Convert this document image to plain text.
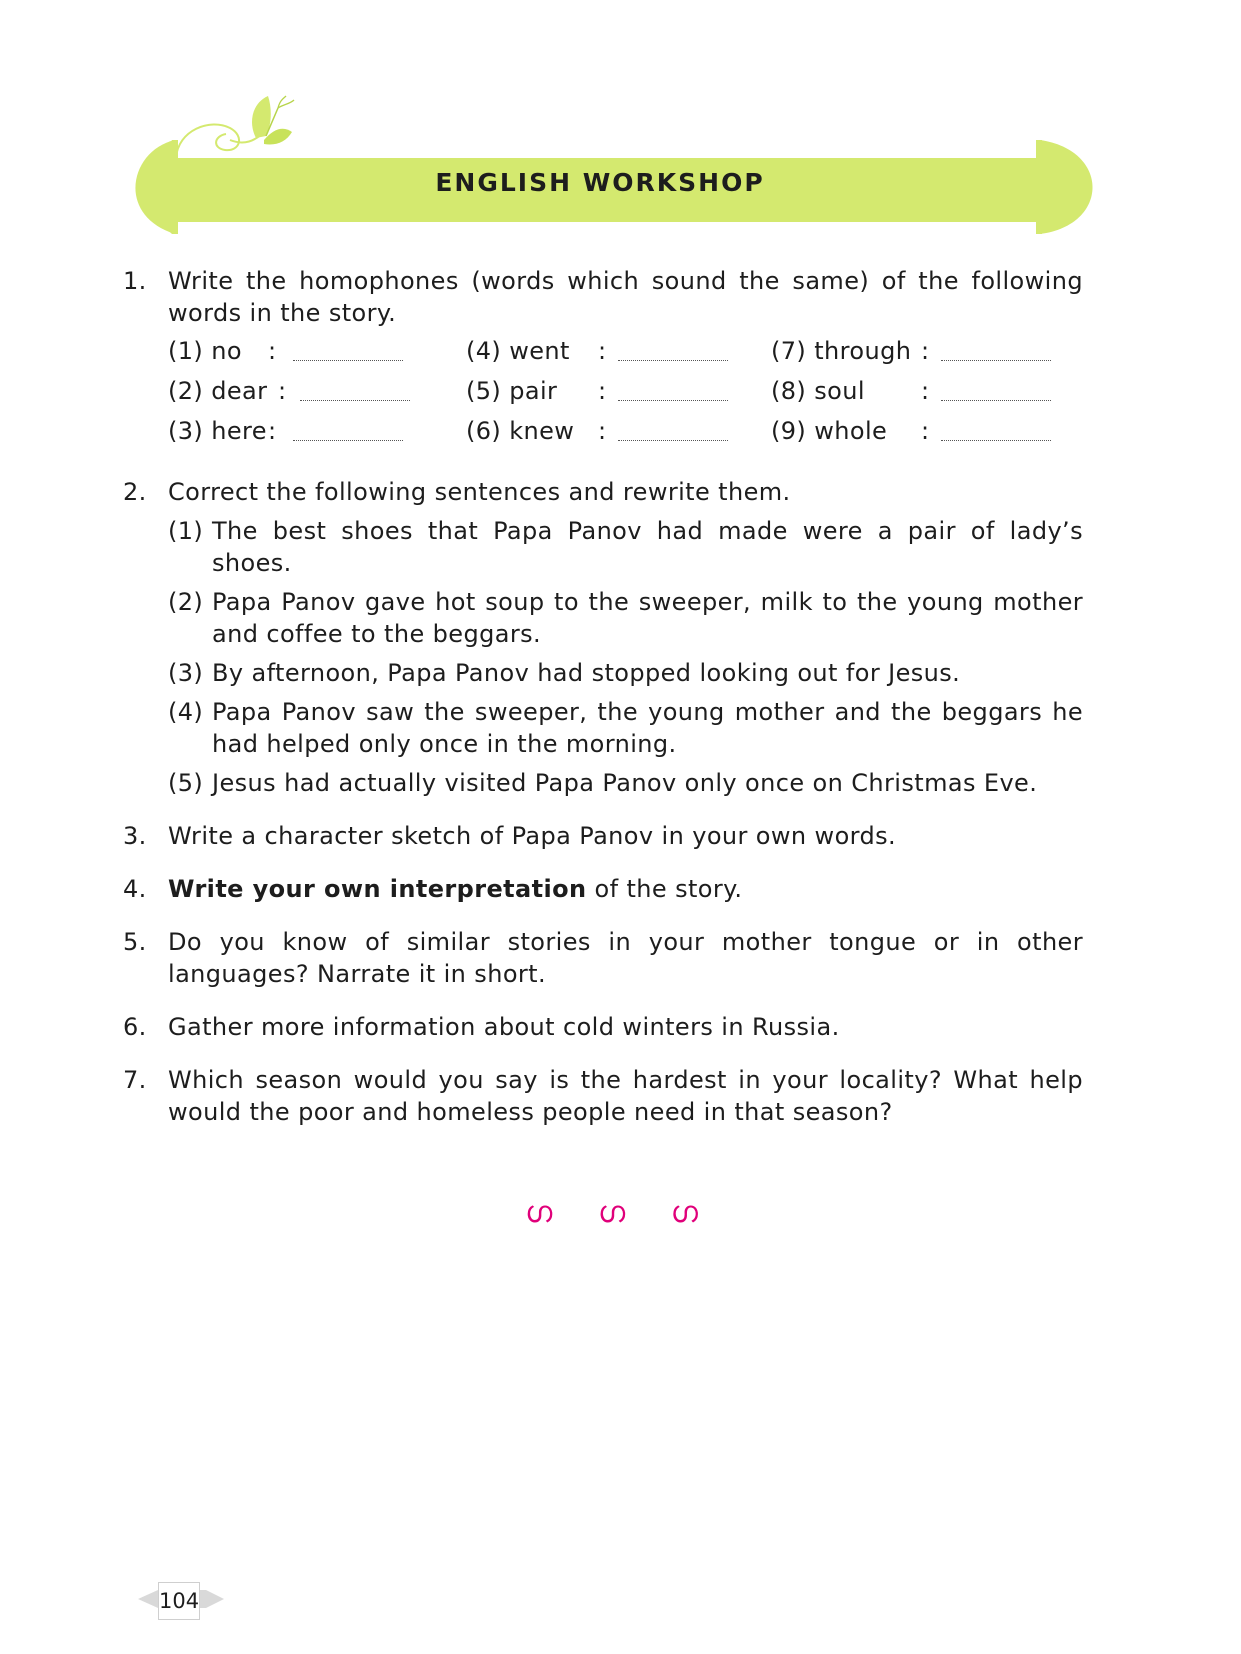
ENGLISH WORKSHOP
1. Write the homophones (words which sound the same) of the following words in the story.
(1) no :	(4) went :	(7) through :
(2) dear :	(5) pair :	(8) soul :
(3) here :	(6) knew :	(9) whole :
2. Correct the following sentences and rewrite them.
(1) The best shoes that Papa Panov had made were a pair of lady’s shoes.
(2) Papa Panov gave hot soup to the sweeper, milk to the young mother and coffee to the beggars.
(3) By afternoon, Papa Panov had stopped looking out for Jesus.
(4) Papa Panov saw the sweeper, the young mother and the beggars he had helped only once in the morning.
(5) Jesus had actually visited Papa Panov only once on Christmas Eve.
3. Write a character sketch of Papa Panov in your own words.
4. Write your own interpretation of the story.
5. Do you know of similar stories in your mother tongue or in other languages? Narrate it in short.
6. Gather more information about cold winters in Russia.
7. Which season would you say is the hardest in your locality? What help would the poor and homeless people need in that season?
ഗ ഗ ഗ
104
